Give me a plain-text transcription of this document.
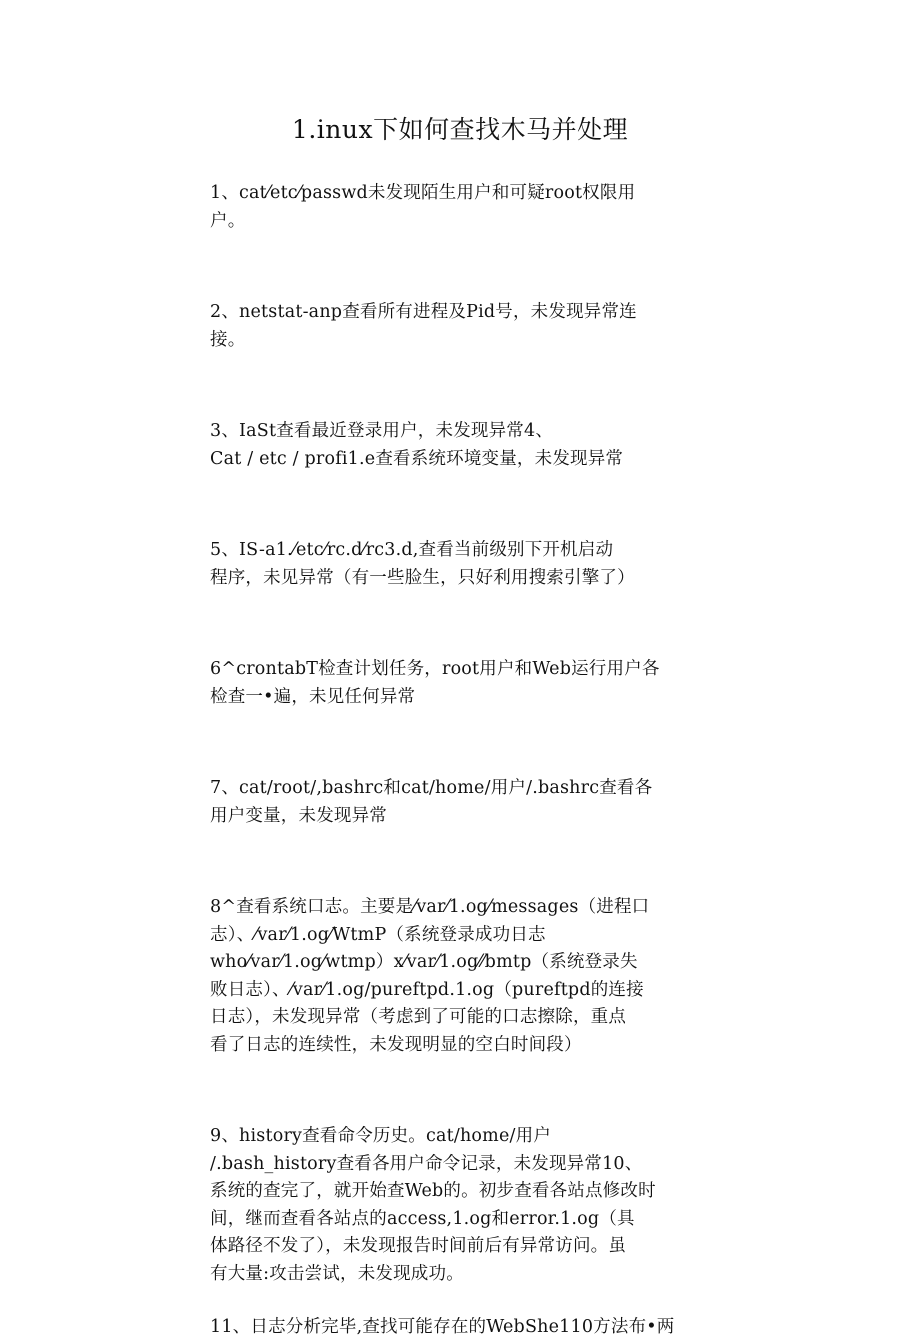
1.inux下如何查找木马并处理

1、cat⁄etc⁄passwd未发现陌生用户和可疑root权限用
户。

2、netstat-anp查看所有进程及Pid号，未发现异常连
接。

3、IaSt查看最近登录用户，未发现异常4、
Cat / etc / profi1.e查看系统环境变量，未发现异常

5、IS-a1.⁄etc⁄rc.d⁄rc3.d,查看当前级别下开机启动
程序，未见异常（有一些脸生，只好利用搜索引擎了）

6^crontabT检查计划任务，root用户和Web运行用户各
检查一•遍，未见任何异常

7、cat/root/,bashrc和cat/home/用户/.bashrc查看各
用户变量，未发现异常

8^查看系统口志。主要是⁄var⁄1.og⁄messages（进程口
志）、⁄var⁄1.og⁄WtmP（系统登录成功日志
who⁄var⁄1.og⁄wtmp）x⁄var⁄1.og⁄⁄bmtp（系统登录失
败日志）、⁄var⁄1.og/pureftpd.1.og（pureftpd的连接
日志），未发现异常（考虑到了可能的口志擦除，重点
看了日志的连续性，未发现明显的空白时间段）

9、history查看命令历史。cat/home/用户
/.bash_history查看各用户命令记录，未发现异常10、
系统的查完了，就开始查Web的。初步查看各站点修改时
间，继而查看各站点的access,1.og和error.1.og（具
体路径不发了），未发现报告时间前后有异常访问。虽
有大量:攻击尝试，未发现成功。

11、日志分析完毕,查找可能存在的WebShe110方法布•两
